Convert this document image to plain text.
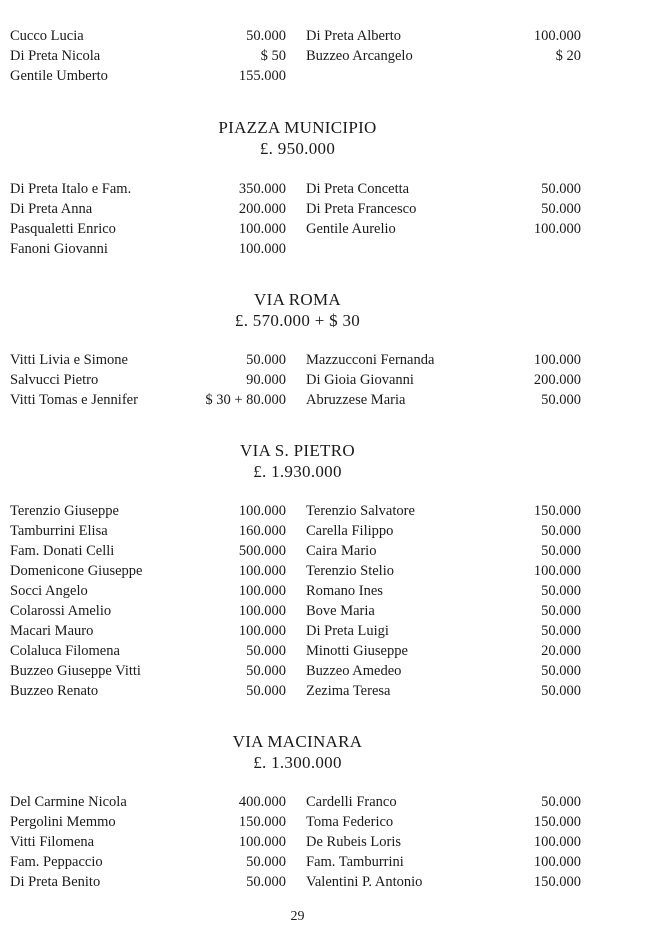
Cucco Lucia	50.000 Di Preta Alberto	100.000
Di Preta Nicola	$ 50 Buzzeo Arcangelo	$ 20
Gentile Umberto	155.000
PIAZZA MUNICIPIO
£. 950.000
Di Preta Italo e Fam.	350.000 Di Preta Concetta	50.000
Di Preta Anna	200.000 Di Preta Francesco	50.000
Pasqualetti Enrico	100.000 Gentile Aurelio	100.000
Fanoni Giovanni	100.000
VIA ROMA
£. 570.000 + $ 30
Vitti Livia e Simone	50.000 Mazzucconi Fernanda	100.000
Salvucci Pietro	90.000 Di Gioia Giovanni	200.000
Vitti Tomas e Jennifer	$ 30 + 80.000 Abruzzese Maria	50.000
VIA S. PIETRO
£. 1.930.000
Terenzio Giuseppe	100.000 Terenzio Salvatore	150.000
Tamburrini Elisa	160.000 Carella Filippo	50.000
Fam. Donati Celli	500.000 Caira Mario	50.000
Domenicone Giuseppe	100.000 Terenzio Stelio	100.000
Socci Angelo	100.000 Romano Ines	50.000
Colarossi Amelio	100.000 Bove Maria	50.000
Macari Mauro	100.000 Di Preta Luigi	50.000
Colaluca Filomena	50.000 Minotti Giuseppe	20.000
Buzzeo Giuseppe Vitti	50.000 Buzzeo Amedeo	50.000
Buzzeo Renato	50.000 Zezima Teresa	50.000
VIA MACINARA
£. 1.300.000
Del Carmine Nicola	400.000 Cardelli Franco	50.000
Pergolini Memmo	150.000 Toma Federico	150.000
Vitti Filomena	100.000 De Rubeis Loris	100.000
Fam. Peppaccio	50.000 Fam. Tamburrini	100.000
Di Preta Benito	50.000 Valentini P. Antonio	150.000
29
